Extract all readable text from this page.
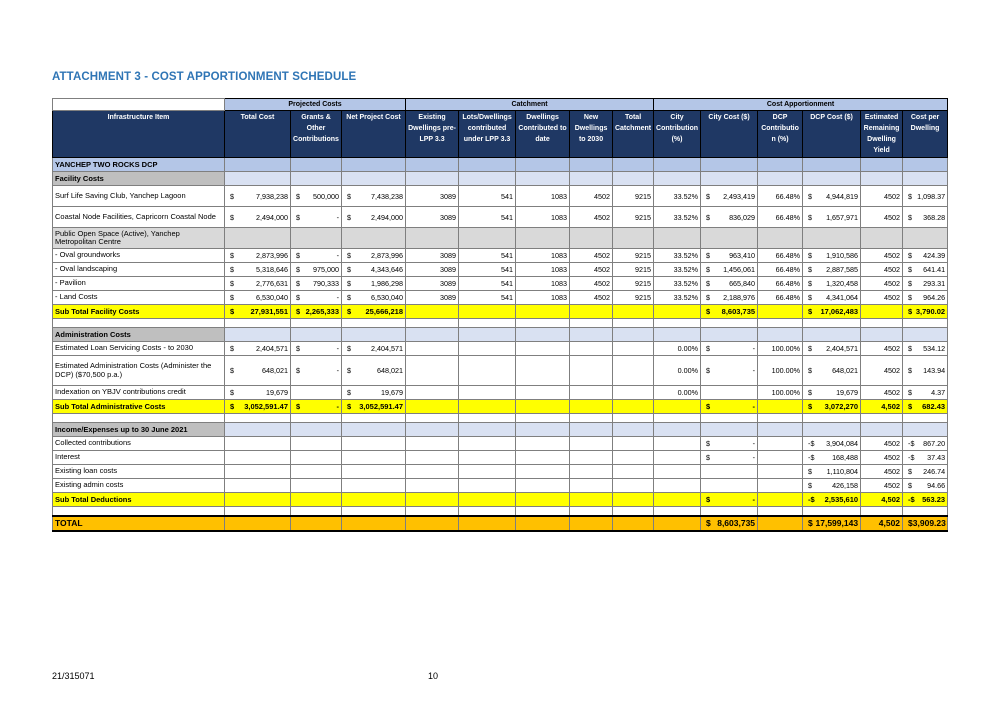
ATTACHMENT 3 - COST APPORTIONMENT SCHEDULE
	Projected Costs			Catchment					Cost Apportionment					
Infrastructure Item	Total Cost	Grants & Other Contributions	Net Project Cost	Existing Dwellings pre-LPP 3.3	Lots/Dwellings contributed under LPP 3.3	Dwellings Contributed to date	New Dwellings to 2030	Total Catchment	City Contribution (%)	City Cost ($)	DCP Contributio n (%)	DCP Cost ($)	Estimated Remaining Dwelling Yield	Cost per Dwelling
YANCHEP TWO ROCKS DCP														
Facility Costs														
Surf Life Saving Club, Yanchep Lagoon	$ 7,938,238	$ 500,000	$ 7,438,238	3089	541	1083	4502	9215	33.52%	$ 2,493,419	66.48%	$ 4,944,819	4502	$ 1,098.37

Coastal Node Facilities, Capricorn Coastal Node	$ 2,494,000	$ -	$ 2,494,000	3089	541	1083	4502	9215	33.52%	$ 836,029	66.48%	$ 1,657,971	4502	$ 368.28

Public Open Space (Active), Yanchep Metropolitan Centre														
- Oval groundworks	$ 2,873,996	$ -	$ 2,873,996	3089	541	1083	4502	9215	33.52%	$ 963,410	66.48%	$ 1,910,586	4502	$ 424.39

- Oval landscaping	$ 5,318,646	$ 975,000	$ 4,343,646	3089	541	1083	4502	9215	33.52%	$ 1,456,061	66.48%	$ 2,887,585	4502	$ 641.41

- Pavilion	$ 2,776,631	$ 790,333	$ 1,986,298	3089	541	1083	4502	9215	33.52%	$ 665,840	66.48%	$ 1,320,458	4502	$ 293.31

- Land Costs	$ 6,530,040	$ -	$ 6,530,040	3089	541	1083	4502	9215	33.52%	$ 2,188,976	66.48%	$ 4,341,064	4502	$ 964.26

Sub Total Facility Costs	$ 27,931,551	$ 2,265,333	$ 25,666,218							$ 8,603,735		$ 17,062,483		$ 3,790.02

Administration Costs														
Estimated Loan Servicing Costs - to 2030	$ 2,404,571	$ -	$ 2,404,571						0.00%	$ -	100.00%	$ 2,404,571	4502	$ 534.12

Estimated Administration Costs (Administer the DCP) ($70,500 p.a.)	$ 648,021	$ -	$ 648,021						0.00%	$ -	100.00%	$ 648,021	4502	$ 143.94

Indexation on YBJV contributions credit	$ 19,679		$ 19,679						0.00%		100.00%	$ 19,679	4502	$ 4.37

Sub Total Administrative Costs	$ 3,052,591.47	$ -	$ 3,052,591.47							$ -		$ 3,072,270	4,502	$ 682.43

Income/Expenses up to 30 June 2021														
Collected contributions										$ -		-$ 3,904,084	4502	-$ 867.20

Interest										$ -		-$ 168,488	4502	-$ 37.43

Existing loan costs												$ 1,110,804	4502	$ 246.74

Existing admin costs												$ 426,158	4502	$ 94.66

Sub Total Deductions										$ -		-$ 2,535,610	4,502	-$ 563.23

TOTAL										$ 8,603,735		$ 17,599,143	4,502	$ 3,909.23
21/315071	10
